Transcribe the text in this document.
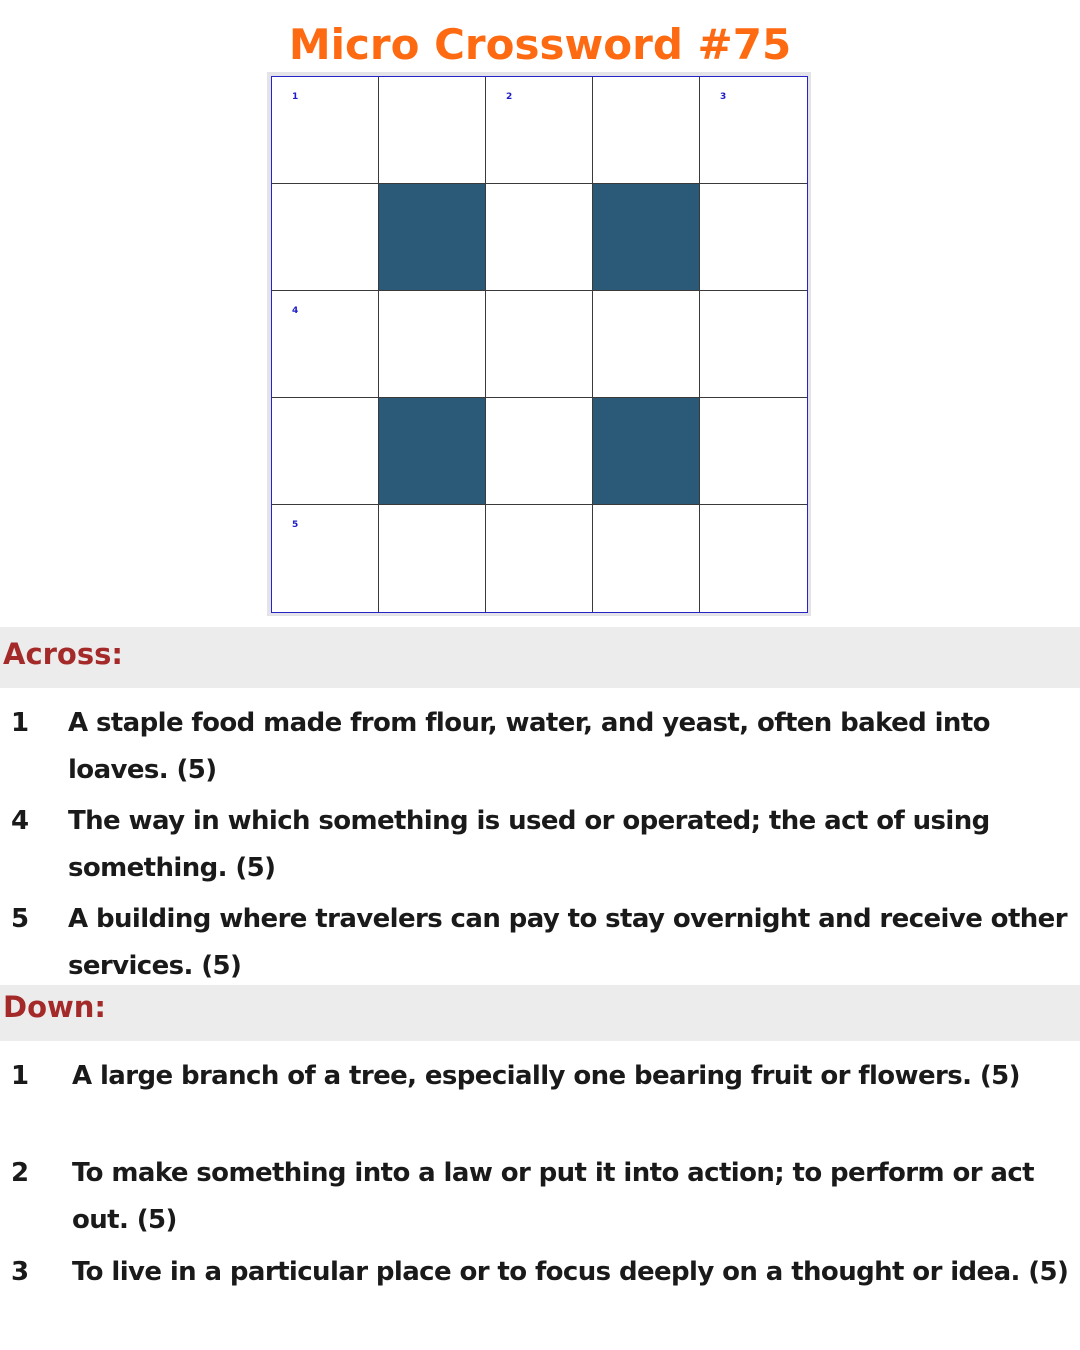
Micro Crossword #75
1	2	3
4
5
Across:
1	A staple food made from flour, water, and yeast, often baked into loaves. (5)
4	The way in which something is used or operated; the act of using something. (5)
5	A building where travelers can pay to stay overnight and receive other services. (5)
Down:
1	A large branch of a tree, especially one bearing fruit or flowers. (5)
2	To make something into a law or put it into action; to perform or act out. (5)
3	To live in a particular place or to focus deeply on a thought or idea. (5)
